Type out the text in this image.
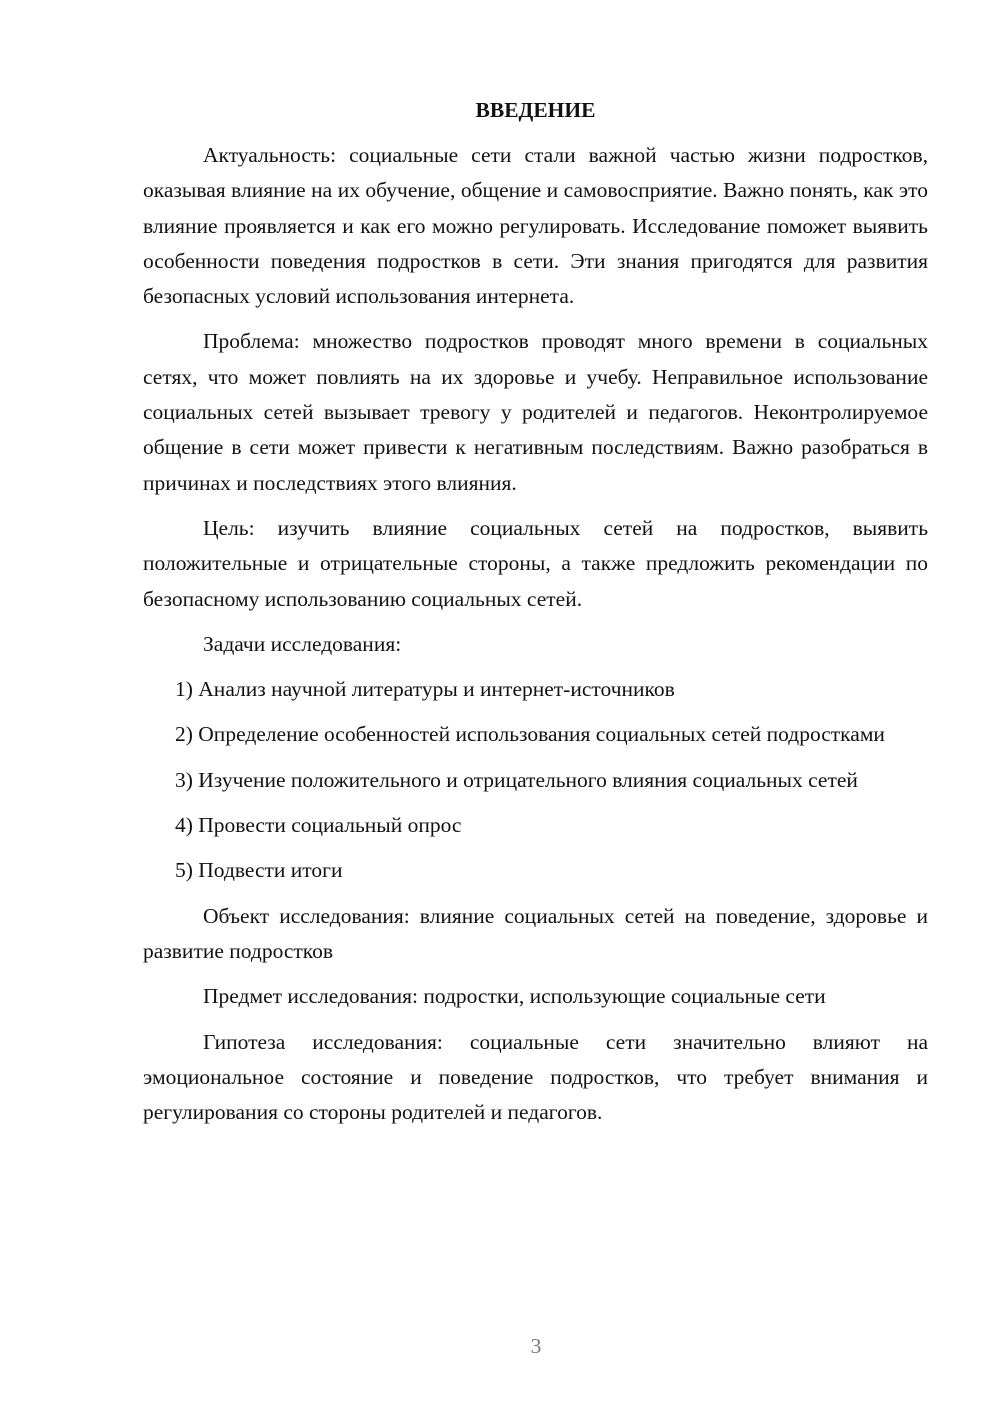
ВВЕДЕНИЕ

Актуальность: социальные сети стали важной частью жизни подростков, оказывая влияние на их обучение, общение и самовосприятие. Важно понять, как это влияние проявляется и как его можно регулировать. Исследование поможет выявить особенности поведения подростков в сети. Эти знания пригодятся для развития безопасных условий использования интернета.

Проблема: множество подростков проводят много времени в социальных сетях, что может повлиять на их здоровье и учебу. Неправильное использование социальных сетей вызывает тревогу у родителей и педагогов. Неконтролируемое общение в сети может привести к негативным последствиям. Важно разобраться в причинах и последствиях этого влияния.

Цель: изучить влияние социальных сетей на подростков, выявить положительные и отрицательные стороны, а также предложить рекомендации по безопасному использованию социальных сетей.

Задачи исследования:

1) Анализ научной литературы и интернет-источников

2) Определение особенностей использования социальных сетей подростками

3) Изучение положительного и отрицательного влияния социальных сетей

4) Провести социальный опрос

5) Подвести итоги

Объект исследования: влияние социальных сетей на поведение, здоровье и развитие подростков

Предмет исследования: подростки, использующие социальные сети

Гипотеза исследования: социальные сети значительно влияют на эмоциональное состояние и поведение подростков, что требует внимания и регулирования со стороны родителей и педагогов.

3
